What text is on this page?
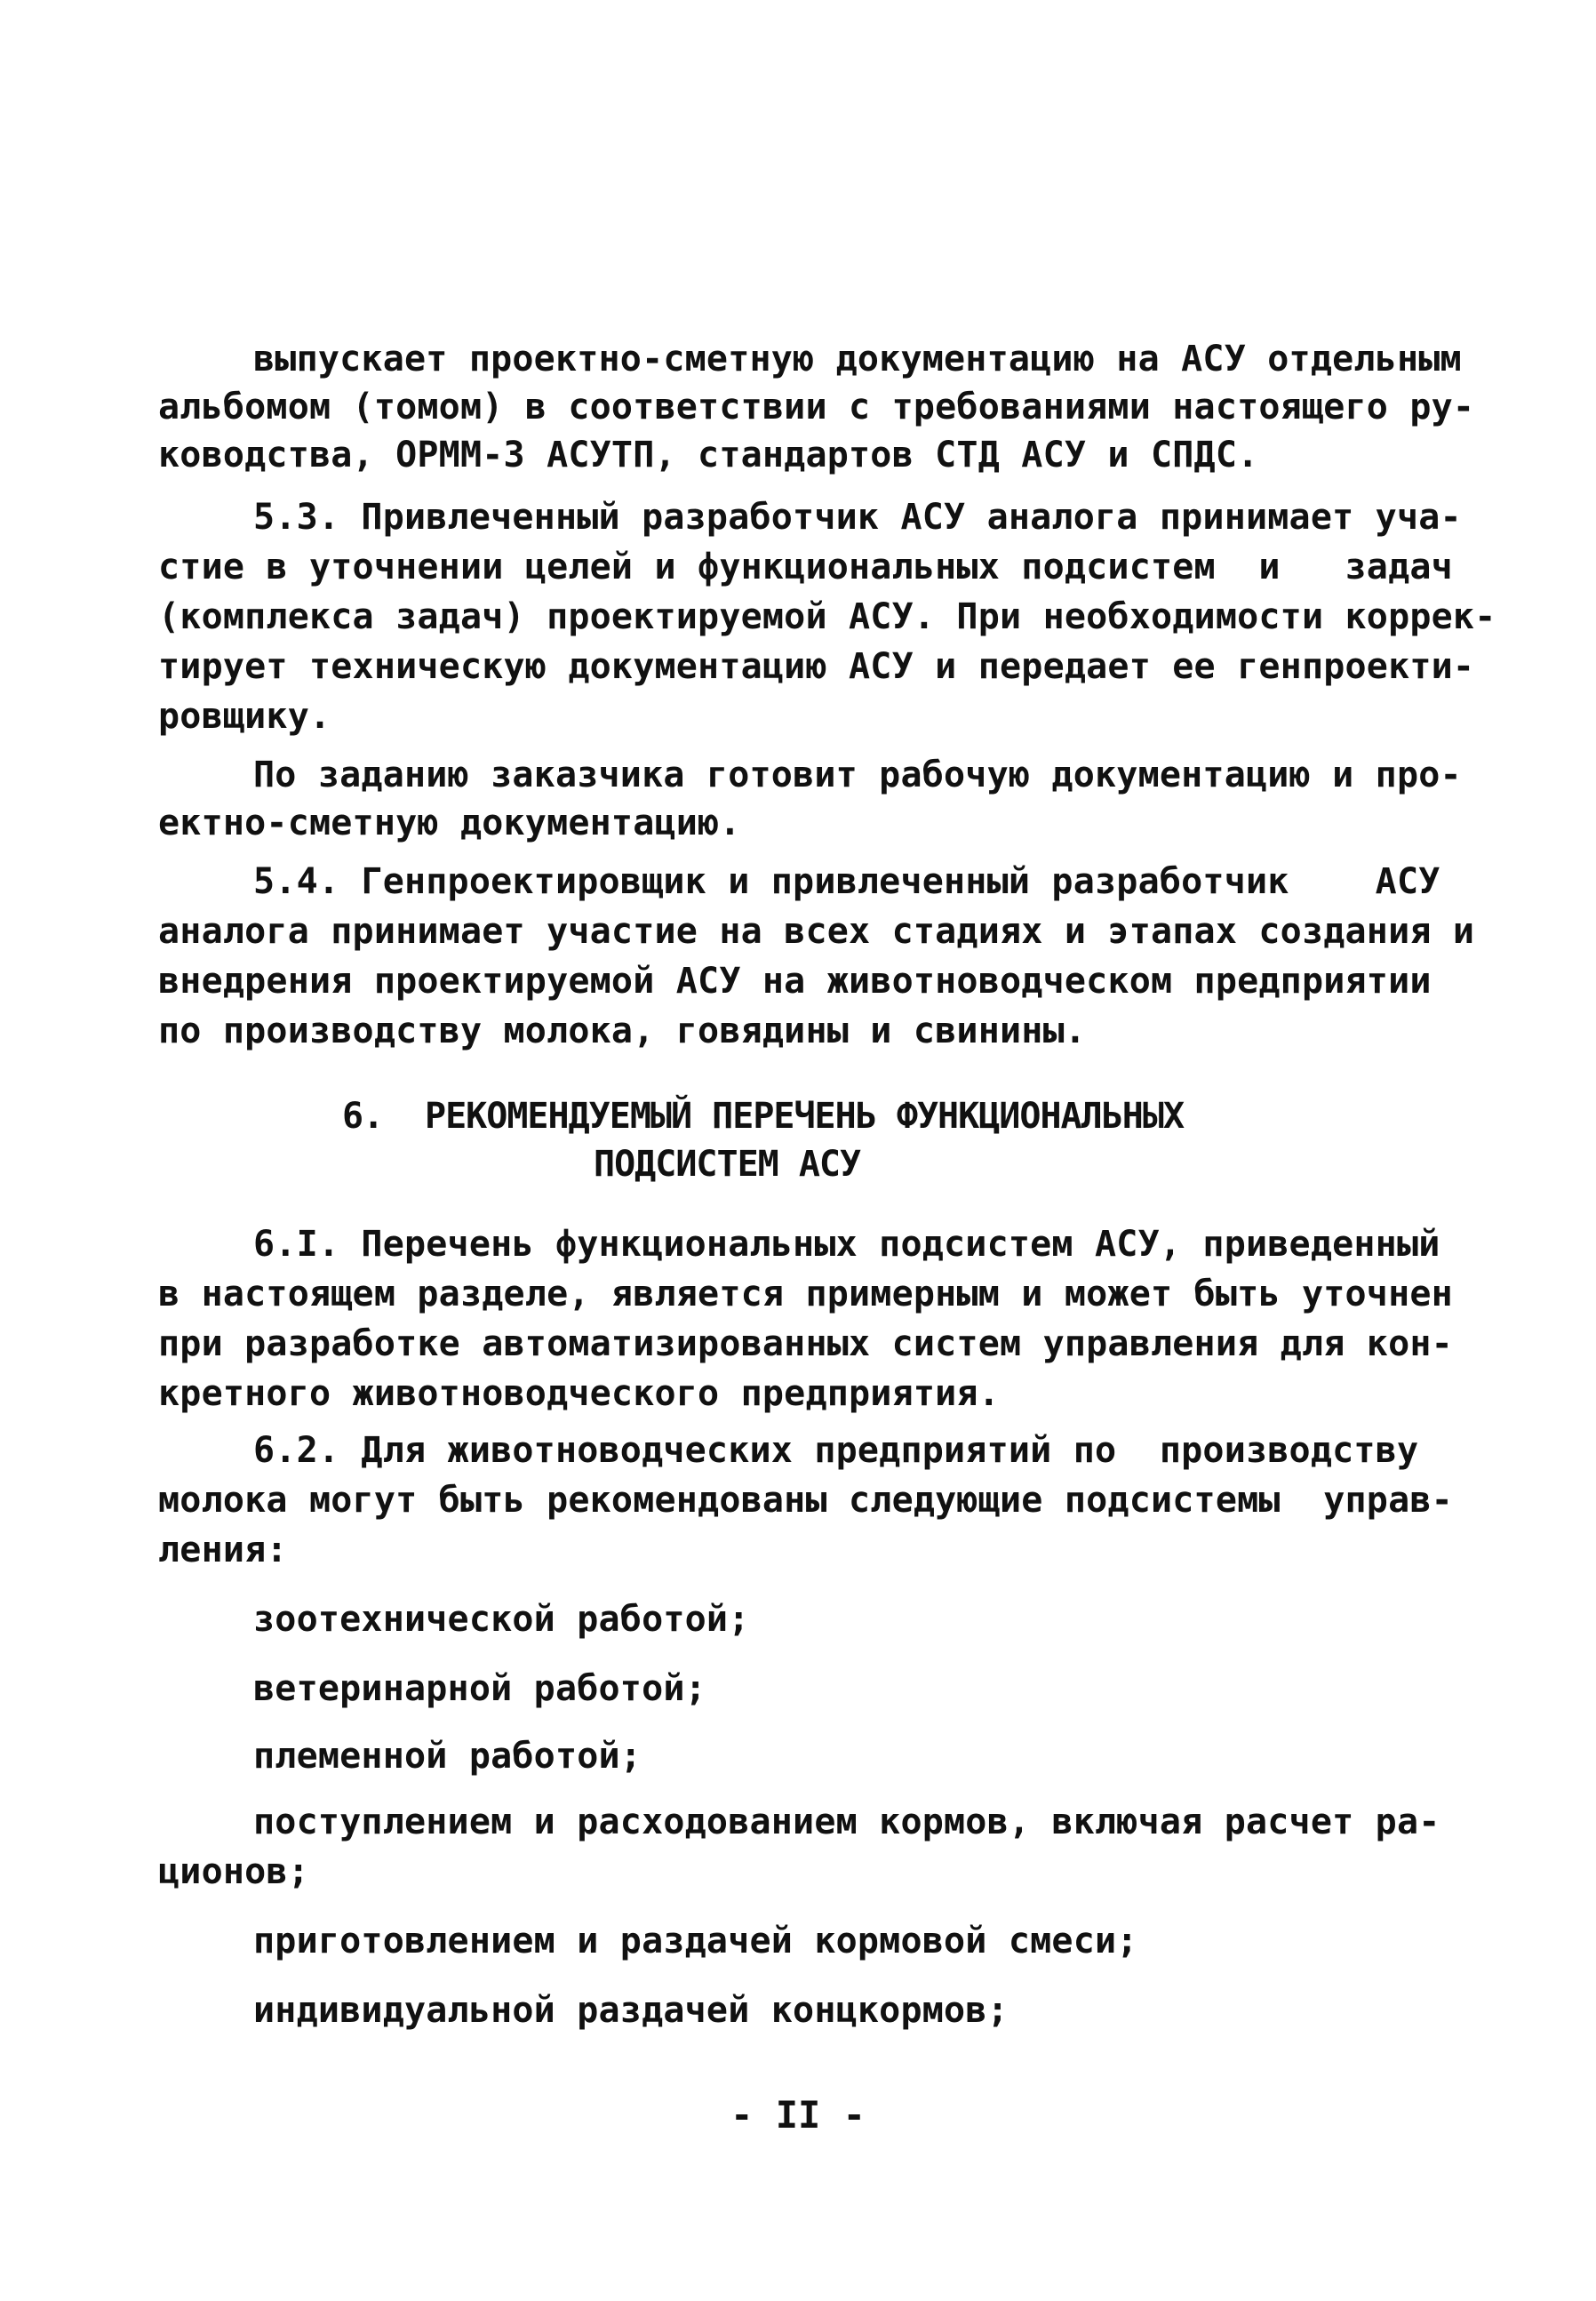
выпускает проектно-сметную документацию на АСУ отдельным
альбомом (томом) в соответствии с требованиями настоящего ру-
ководства, ОРММ-3 АСУТП, стандартов СТД АСУ и СПДС.
5.3. Привлеченный разработчик АСУ аналога принимает уча-
стие в уточнении целей и функциональных подсистем  и   задач
(комплекса задач) проектируемой АСУ. При необходимости коррек-
тирует техническую документацию АСУ и передает ее генпроекти-
ровщику.
По заданию заказчика готовит рабочую документацию и про-
ектно-сметную документацию.
5.4. Генпроектировщик и привлеченный разработчик    АСУ
аналога принимает участие на всех стадиях и этапах создания и
внедрения проектируемой АСУ на животноводческом предприятии
по производству молока, говядины и свинины.
6. РЕКОМЕНДУЕМЫЙ ПЕРЕЧЕНЬ ФУНКЦИОНАЛЬНЫХ
ПОДСИСТЕМ АСУ
6.I. Перечень функциональных подсистем АСУ, приведенный
в настоящем разделе, является примерным и может быть уточнен
при разработке автоматизированных систем управления для кон-
кретного животноводческого предприятия.
6.2. Для животноводческих предприятий по  производству
молока могут быть рекомендованы следующие подсистемы  управ-
ления:
зоотехнической работой;
ветеринарной работой;
племенной работой;
поступлением и расходованием кормов, включая расчет ра-
ционов;
приготовлением и раздачей кормовой смеси;
индивидуальной раздачей концкормов;
- II -
